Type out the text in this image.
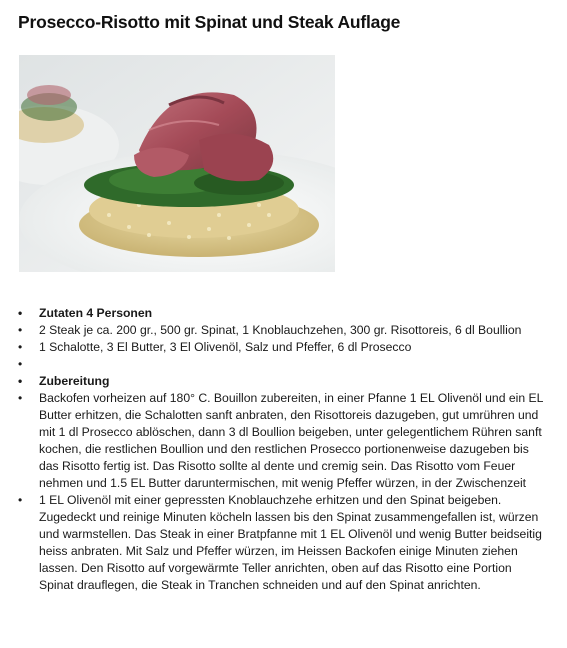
Prosecco-Risotto mit Spinat und Steak Auflage
• Zutaten 4 Personen
• 2 Steak je ca. 200 gr., 500 gr. Spinat, 1 Knoblauchzehen, 300 gr. Risottoreis, 6 dl Boullion
• 1 Schalotte, 3 El Butter, 3 El Olivenöl, Salz und Pfeffer, 6 dl Prosecco
•

• Zubereitung
• Backofen vorheizen auf 180° C. Bouillon zubereiten, in einer Pfanne 1 EL Olivenöl und ein EL Butter erhitzen, die Schalotten sanft anbraten, den Risottoreis dazugeben, gut umrühren und mit 1 dl Prosecco ablöschen, dann 3 dl Boullion beigeben, unter gelegentlichem Rühren sanft kochen, die restlichen Boullion und den restlichen Prosecco portionenweise dazugeben bis das Risotto fertig ist. Das Risotto sollte al dente und cremig sein. Das Risotto vom Feuer nehmen und 1.5 EL Butter daruntermischen, mit wenig Pfeffer würzen, in der Zwischenzeit
• 1 EL Olivenöl mit einer gepressten Knoblauchzehe erhitzen und den Spinat beigeben. Zugedeckt und reinige Minuten köcheln lassen bis den Spinat zusammengefallen ist, würzen und warmstellen. Das Steak in einer Bratpfanne mit 1 EL Olivenöl und wenig Butter beidseitig heiss anbraten. Mit Salz und Pfeffer würzen, im Heissen Backofen einige Minuten ziehen lassen. Den Risotto auf vorgewärmte Teller anrichten, oben auf das Risotto eine Portion Spinat drauflegen, die Steak in Tranchen schneiden und auf den Spinat anrichten.
